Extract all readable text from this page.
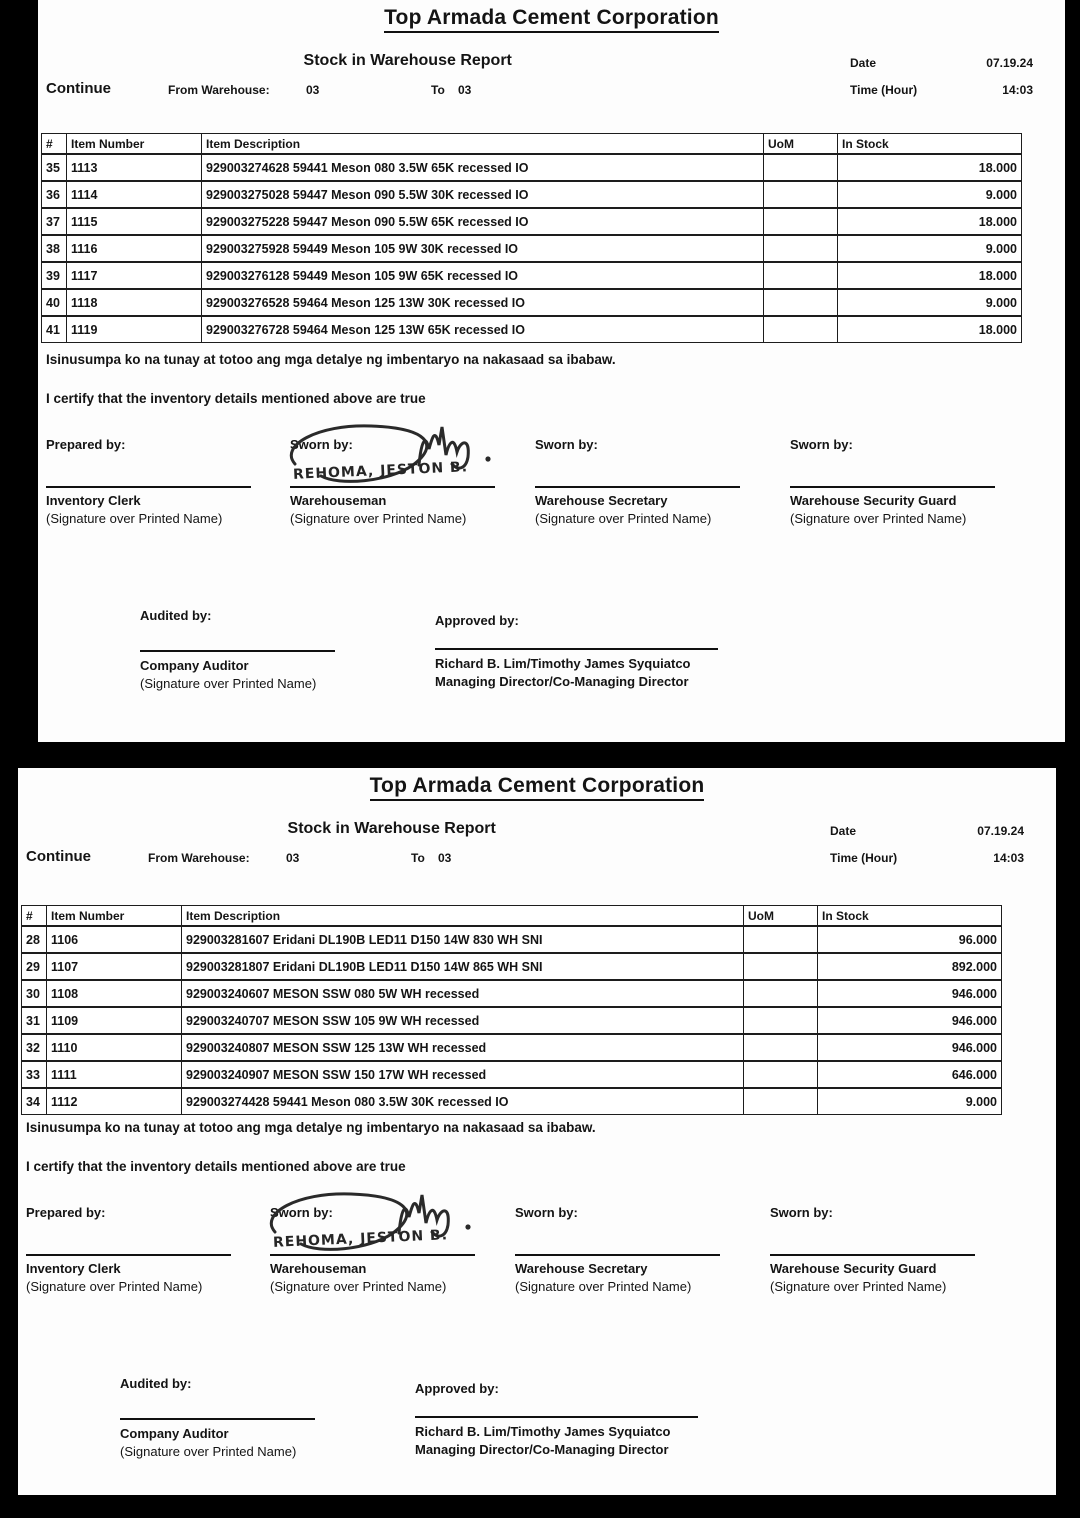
Top Armada Cement Corporation
Stock in Warehouse Report	Date	07.19.24
Continue	From Warehouse:	03	To 03	Time (Hour)	14:03
#	Item Number	Item Description	UoM	In Stock
35	1113	929003274628 59441 Meson 080 3.5W 65K recessed IO		18.000
36	1114	929003275028 59447 Meson 090 5.5W 30K recessed IO		9.000
37	1115	929003275228 59447 Meson 090 5.5W 65K recessed IO		18.000
38	1116	929003275928 59449 Meson 105 9W 30K recessed IO		9.000
39	1117	929003276128 59449 Meson 105 9W 65K recessed IO		18.000
40	1118	929003276528 59464 Meson 125 13W 30K recessed IO		9.000
41	1119	929003276728 59464 Meson 125 13W 65K recessed IO		18.000
Isinusumpa ko na tunay at totoo ang mga detalye ng imbentaryo na nakasaad sa ibabaw.
I certify that the inventory details mentioned above are true
Prepared by:
Inventory Clerk
(Signature over Printed Name)
Sworn by:
REHOMA, JESTON B.
Warehouseman
(Signature over Printed Name)
Sworn by:
Warehouse Secretary
(Signature over Printed Name)
Sworn by:
Warehouse Security Guard
(Signature over Printed Name)
Audited by:
Company Auditor
(Signature over Printed Name)
Approved by:
Richard B. Lim/Timothy James Syquiatco
Managing Director/Co-Managing Director
Top Armada Cement Corporation
Stock in Warehouse Report	Date	07.19.24
Continue	From Warehouse:	03	To 03	Time (Hour)	14:03
#	Item Number	Item Description	UoM	In Stock
28	1106	929003281607 Eridani DL190B LED11 D150 14W 830 WH SNI		96.000
29	1107	929003281807 Eridani DL190B LED11 D150 14W 865 WH SNI		892.000
30	1108	929003240607 MESON SSW 080 5W WH recessed		946.000
31	1109	929003240707 MESON SSW 105 9W WH recessed		946.000
32	1110	929003240807 MESON SSW 125 13W WH recessed		946.000
33	1111	929003240907 MESON SSW 150 17W WH recessed		646.000
34	1112	929003274428 59441 Meson 080 3.5W 30K recessed IO		9.000
Isinusumpa ko na tunay at totoo ang mga detalye ng imbentaryo na nakasaad sa ibabaw.
I certify that the inventory details mentioned above are true
Prepared by:
Inventory Clerk
(Signature over Printed Name)
Sworn by:
REHOMA, JESTON B.
Warehouseman
(Signature over Printed Name)
Sworn by:
Warehouse Secretary
(Signature over Printed Name)
Sworn by:
Warehouse Security Guard
(Signature over Printed Name)
Audited by:
Company Auditor
(Signature over Printed Name)
Approved by:
Richard B. Lim/Timothy James Syquiatco
Managing Director/Co-Managing Director
